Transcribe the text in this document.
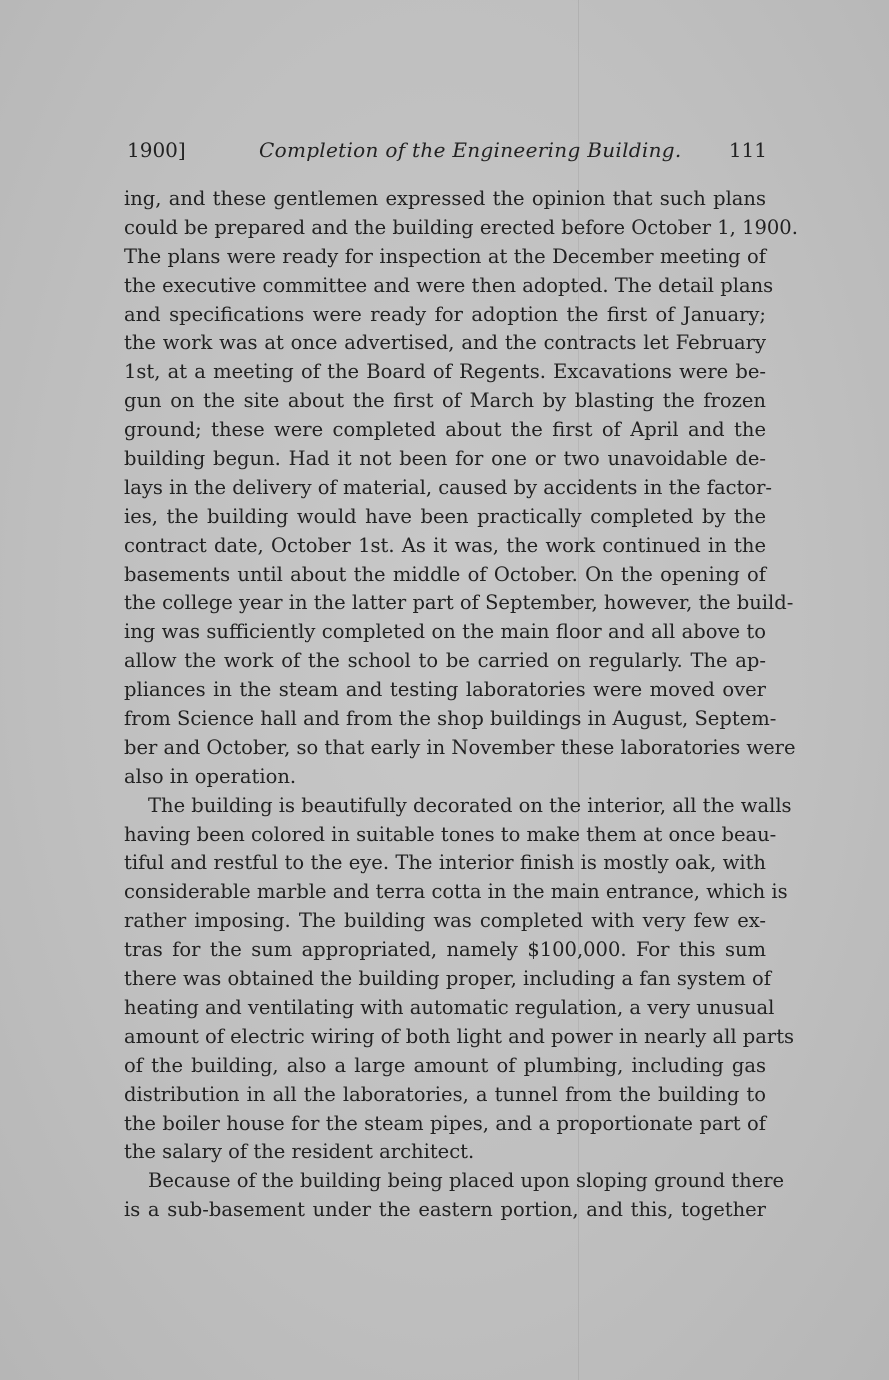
1900]	Completion of the Engineering Building. 111
ing, and these gentlemen expressed the opinion that such plans
could be prepared and the building erected before October 1, 1900.
The plans were ready for inspection at the December meeting of
the executive committee and were then adopted. The detail plans
and specifications were ready for adoption the first of January;
the work was at once advertised, and the contracts let February
1st, at a meeting of the Board of Regents. Excavations were be-
gun on the site about the first of March by blasting the frozen
ground; these were completed about the first of April and the
building begun. Had it not been for one or two unavoidable de-
lays in the delivery of material, caused by accidents in the factor-
ies, the building would have been practically completed by the
contract date, October 1st. As it was, the work continued in the
basements until about the middle of October. On the opening of
the college year in the latter part of September, however, the build-
ing was sufficiently completed on the main floor and all above to
allow the work of the school to be carried on regularly. The ap-
pliances in the steam and testing laboratories were moved over
from Science hall and from the shop buildings in August, Septem-
ber and October, so that early in November these laboratories were
also in operation.
The building is beautifully decorated on the interior, all the walls
having been colored in suitable tones to make them at once beau-
tiful and restful to the eye. The interior finish is mostly oak, with
considerable marble and terra cotta in the main entrance, which is
rather imposing. The building was completed with very few ex-
tras for the sum appropriated, namely $100,000. For this sum
there was obtained the building proper, including a fan system of
heating and ventilating with automatic regulation, a very unusual
amount of electric wiring of both light and power in nearly all parts
of the building, also a large amount of plumbing, including gas
distribution in all the laboratories, a tunnel from the building to
the boiler house for the steam pipes, and a proportionate part of
the salary of the resident architect.
Because of the building being placed upon sloping ground there
is a sub-basement under the eastern portion, and this, together
